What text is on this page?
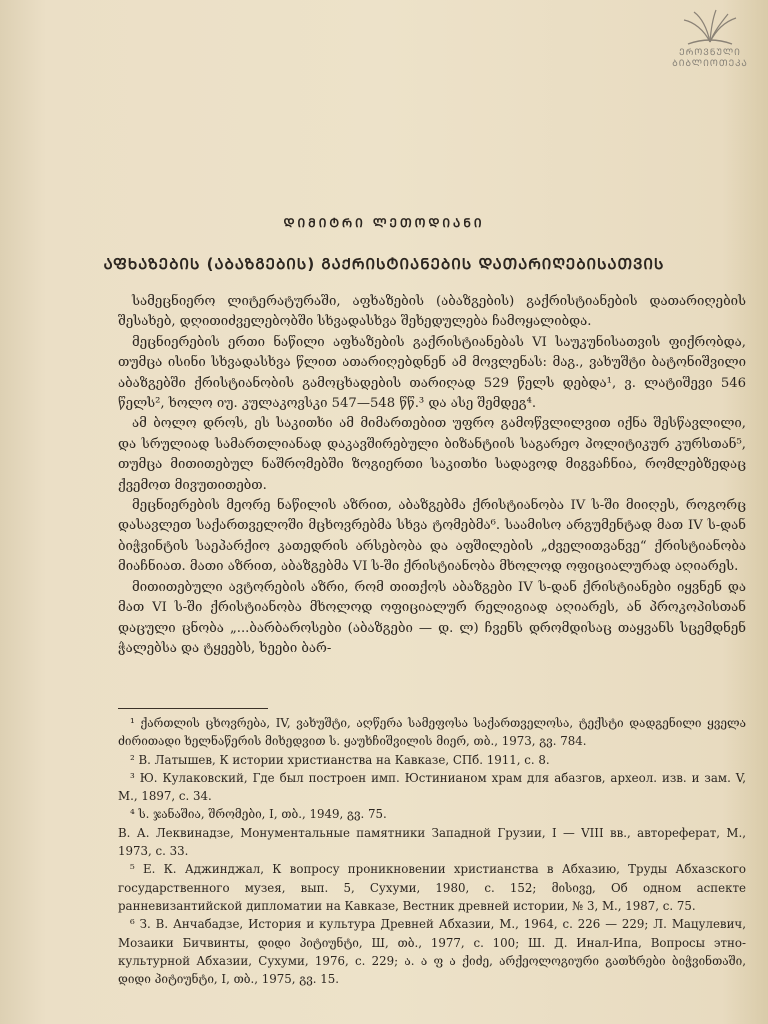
ᲔᲠᲝᲕᲜᲣᲚᲘ
ᲑᲘᲑᲚᲘᲝᲗᲔᲙᲐ
ᲓᲘᲛᲘᲢᲠᲘ ᲚᲔᲗᲝᲓᲘᲐᲜᲘ
ᲐᲤᲮᲐᲖᲔᲑᲘᲡ (ᲐᲑᲐᲖᲒᲔᲑᲘᲡ) ᲒᲐᲥᲠᲘᲡᲢᲘᲐᲜᲔᲑᲘᲡ ᲓᲐᲗᲐᲠᲘᲦᲔᲑᲘᲡᲐᲗᲕᲘᲡ

სამეცნიერო ლიტერატურაში, აფხაზების (აბაზგების) გაქრისტიანების დათარიღების შესახებ, დღითიძველებობში სხვადასხვა შეხედულება ჩამოყალიბდა.

მეცნიერების ერთი ნაწილი აფხაზების გაქრისტიანებას VI საუკუნისათვის ფიქრობდა, თუმცა ისინი სხვადასხვა წლით ათარიღებდნენ ამ მოვლენას: მაგ., ვახუშტი ბატონიშვილი აბაზგებში ქრისტიანობის გამოცხადების თარიღად 529 წელს დებდა¹, ვ. ლატიშევი 546 წელს², ხოლო იუ. კულაკოვსკი 547—548 წწ.³ და ასე შემდეგ⁴.

ამ ბოლო დროს, ეს საკითხი ამ მიმართებით უფრო გამოწვლილვით იქნა შესწავლილი, და სრულიად სამართლიანად დაკავშირებული ბიზანტიის საგარეო პოლიტიკურ კურსთან⁵, თუმცა მითითებულ ნაშრომებში ზოგიერთი საკითხი სადავოდ მიგვაჩნია, რომლებზედაც ქვემოთ მივუთითებთ.

მეცნიერების მეორე ნაწილის აზრით, აბაზგებმა ქრისტიანობა IV ს-ში მიიღეს, როგორც დასავლეთ საქართველოში მცხოვრებმა სხვა ტომებმა⁶. საამისო არგუმენტად მათ IV ს-დან ბიჭვინტის საეპარქიო კათედრის არსებობა და აფშილების „ძველითვანვე“ ქრისტიანობა მიაჩნიათ. მათი აზრით, აბაზგებმა VI ს-ში ქრისტიანობა მხოლოდ ოფიციალურად აღიარეს.

მითითებული ავტორების აზრი, რომ თითქოს აბაზგები IV ს-დან ქრისტიანები იყვნენ და მათ VI ს-ში ქრისტიანობა მხოლოდ ოფიციალურ რელიგიად აღიარეს, ან პროკოპისთან დაცული ცნობა „...ბარბაროსები (აბაზგები — დ. ლ) ჩვენს დრომდისაც თაყვანს სცემდნენ ჭალებსა და ტყეებს, ხეები ბარ-

¹ ქართლის ცხოვრება, IV, ვახუშტი, აღწერა სამეფოსა საქართველოსა, ტექსტი დადგენილი ყველა ძირითადი ხელნაწერის მიხედვით ს. ყაუხჩიშვილის მიერ, თბ., 1973, გვ. 784.

² В. Латышев, К истории христианства на Кавказе, СПб. 1911, с. 8.

³ Ю. Кулаковский, Где был построен имп. Юстинианом храм для абазгов, археол. изв. и зам. V, М., 1897, с. 34.

⁴ ს. ჯანაშია, შრომები, I, თბ., 1949, გვ. 75.

В. А. Леквинадзе, Монументальные памятники Западной Грузии, I — VIII вв., автореферат, М., 1973, с. 33.

⁵ Е. К. Аджинджал, К вопросу проникновении христианства в Абхазию, Труды Абхазского государственного музея, вып. 5, Сухуми, 1980, с. 152; მისივე, Об одном аспекте ранневизантийской дипломатии на Кавказе, Вестник древней истории, № 3, М., 1987, с. 75.

⁶ З. В. Анчабадзе, История и культура Древней Абхазии, М., 1964, с. 226 — 229; Л. Мацулевич, Мозаики Бичвинты, დიდი პიტიუნტი, Ш, თბ., 1977, с. 100; Ш. Д. Инал-Ипа, Вопросы этно-культурной Абхазии, Сухуми, 1976, с. 229; ა. ა ფ ა ქიძე, არქეოლოგიური გათხრები ბიჭვინთაში, დიდი პიტიუნტი, I, თბ., 1975, გვ. 15.
